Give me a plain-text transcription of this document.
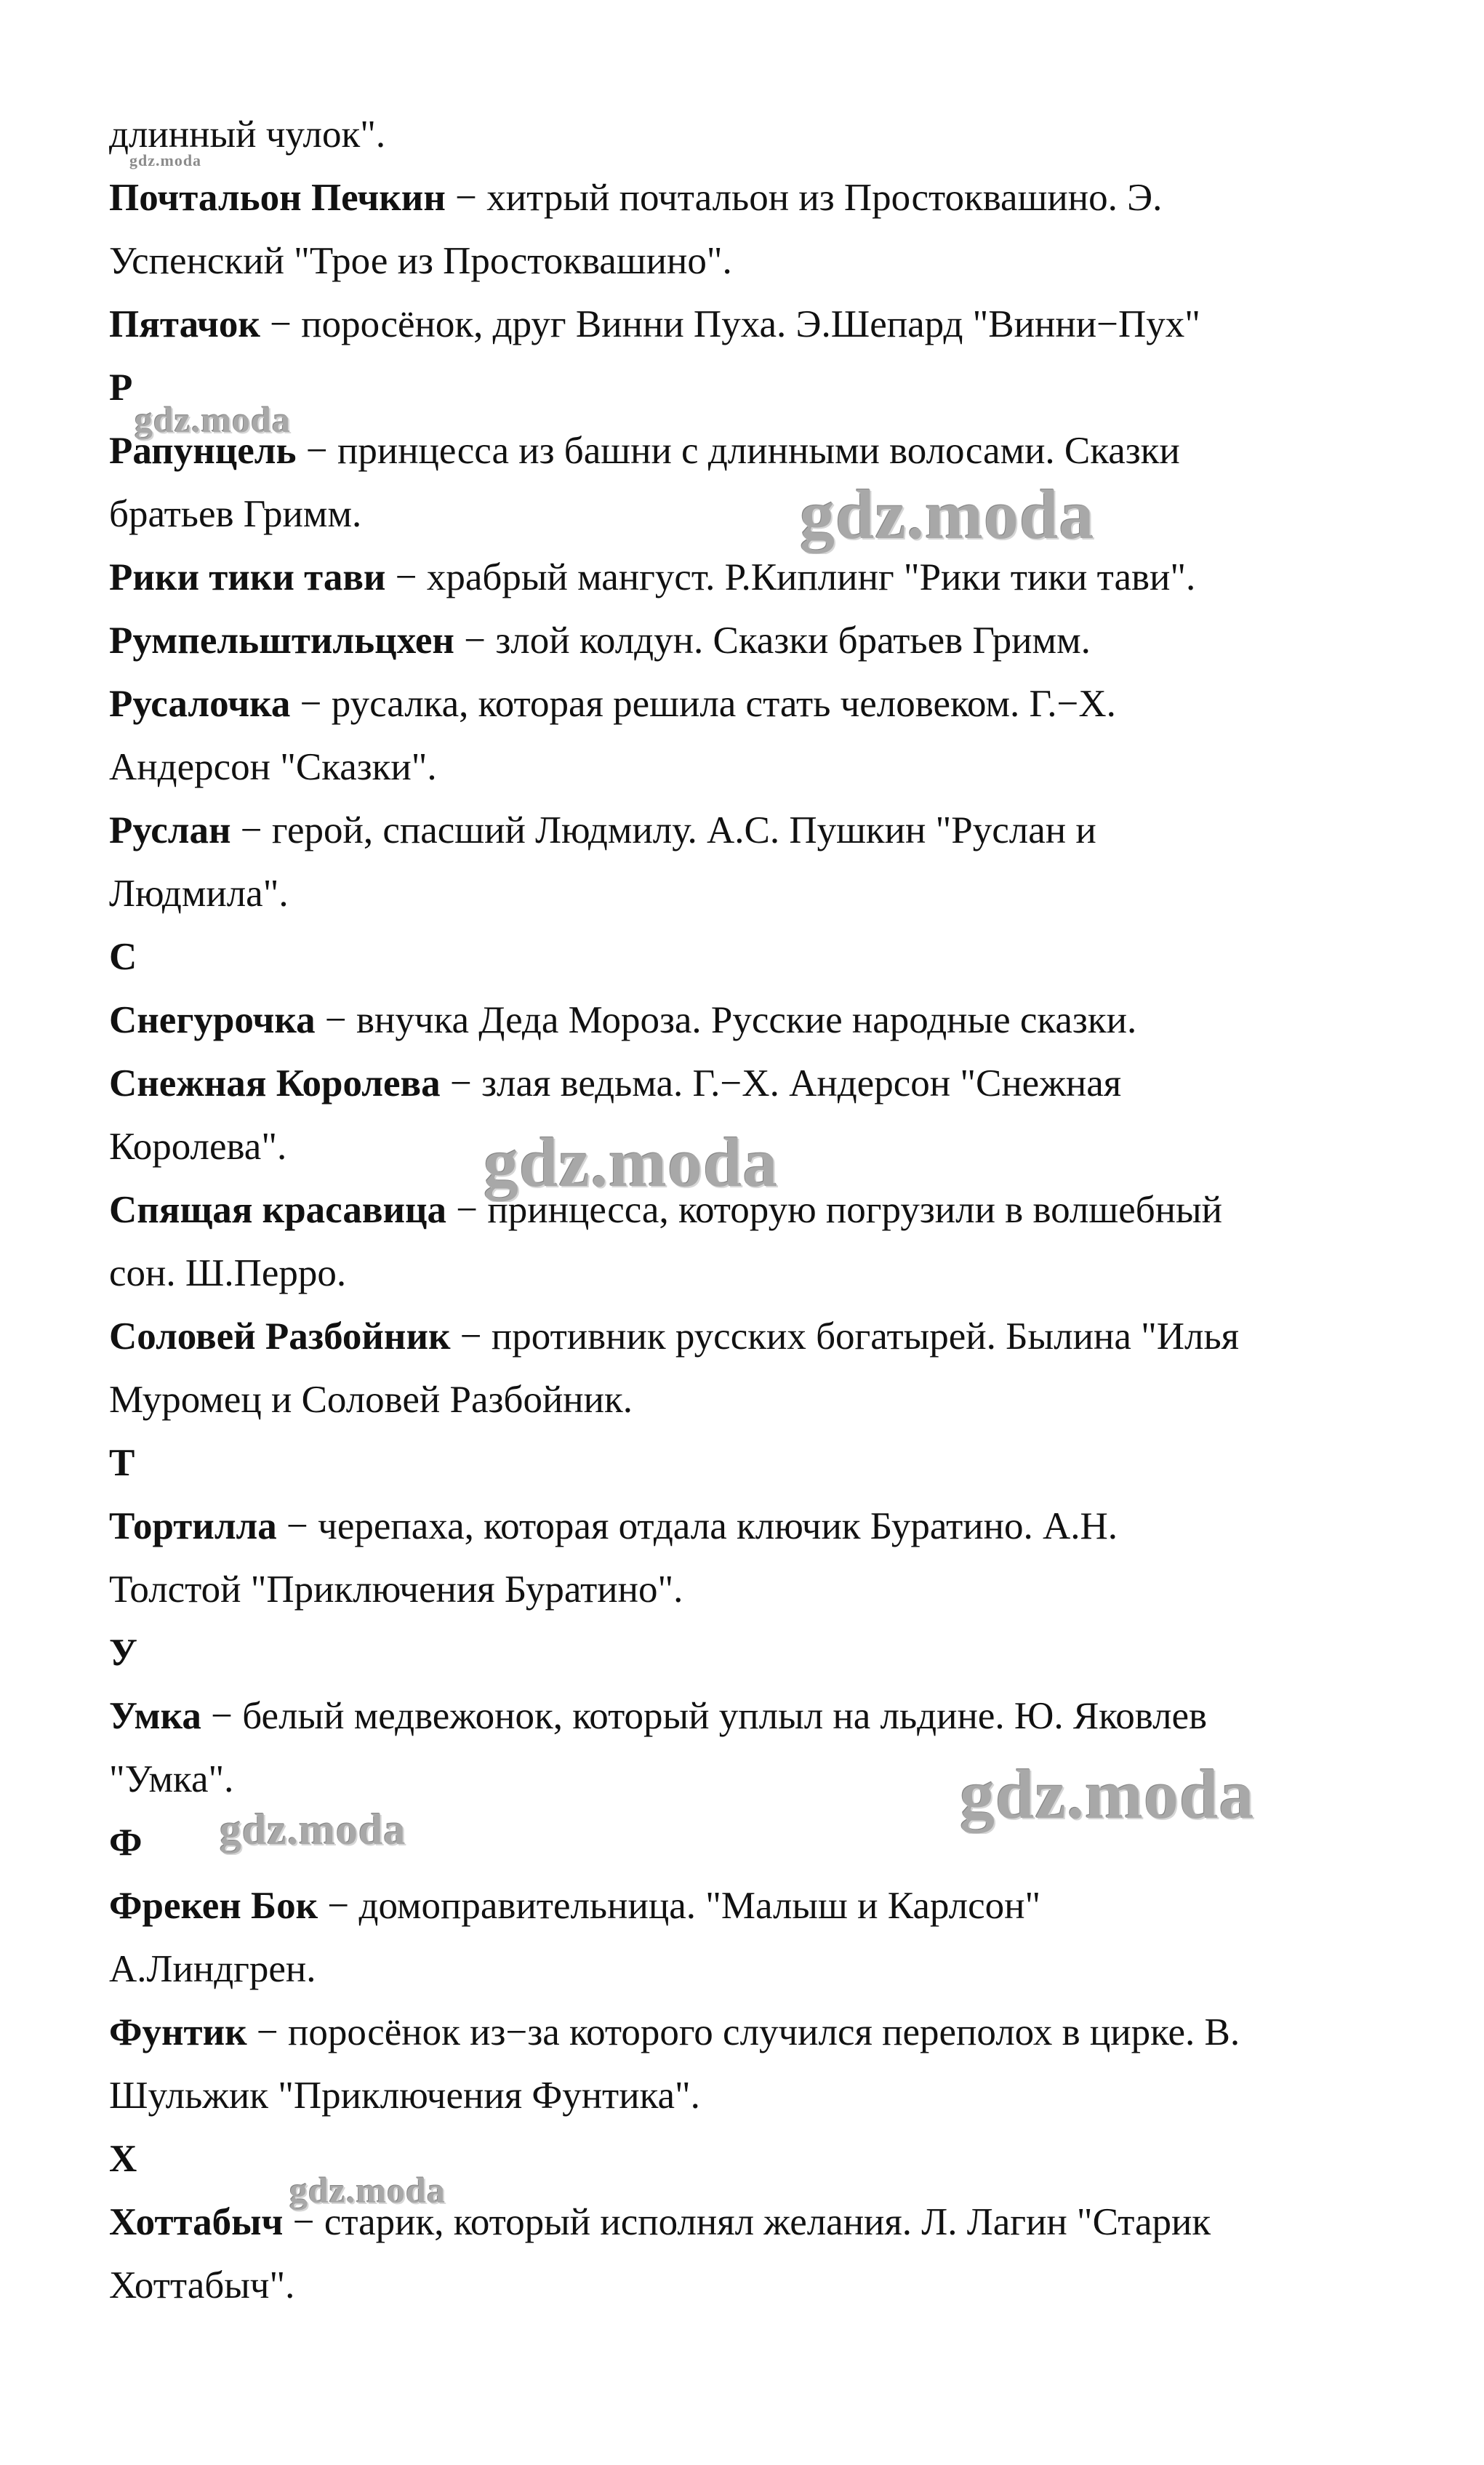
длинный чулок".
Почтальон Печкин − хитрый почтальон из Простоквашино. Э.
Успенский "Трое из Простоквашино".
Пятачок − поросёнок, друг Винни Пуха. Э.Шепард "Винни−Пух"
Р
Рапунцель − принцесса из башни с длинными волосами. Сказки
братьев Гримм.
Рики тики тави − храбрый мангуст. Р.Киплинг "Рики тики тави".
Румпельштильцхен − злой колдун. Сказки братьев Гримм.
Русалочка − русалка, которая решила стать человеком. Г.−Х.
Андерсон "Сказки".
Руслан − герой, спасший Людмилу. А.С. Пушкин "Руслан и
Людмила".
С
Снегурочка − внучка Деда Мороза. Русские народные сказки.
Снежная Королева − злая ведьма. Г.−Х. Андерсон "Снежная
Королева".
Спящая красавица − принцесса, которую погрузили в волшебный
сон. Ш.Перро.
Соловей Разбойник − противник русских богатырей. Былина "Илья
Муромец и Соловей Разбойник.
Т
Тортилла − черепаха, которая отдала ключик Буратино. А.Н.
Толстой "Приключения Буратино".
У
Умка − белый медвежонок, который уплыл на льдине. Ю. Яковлев
"Умка".
Ф
Фрекен Бок − домоправительница. "Малыш и Карлсон"
А.Линдгрен.
Фунтик − поросёнок из−за которого случился переполох в цирке. В.
Шульжик "Приключения Фунтика".
Х
Хоттабыч − старик, который исполнял желания. Л. Лагин "Старик
Хоттабыч".
gdz.moda
gdz.moda
gdz.moda
gdz.moda
gdz.moda
gdz.moda
gdz.moda
